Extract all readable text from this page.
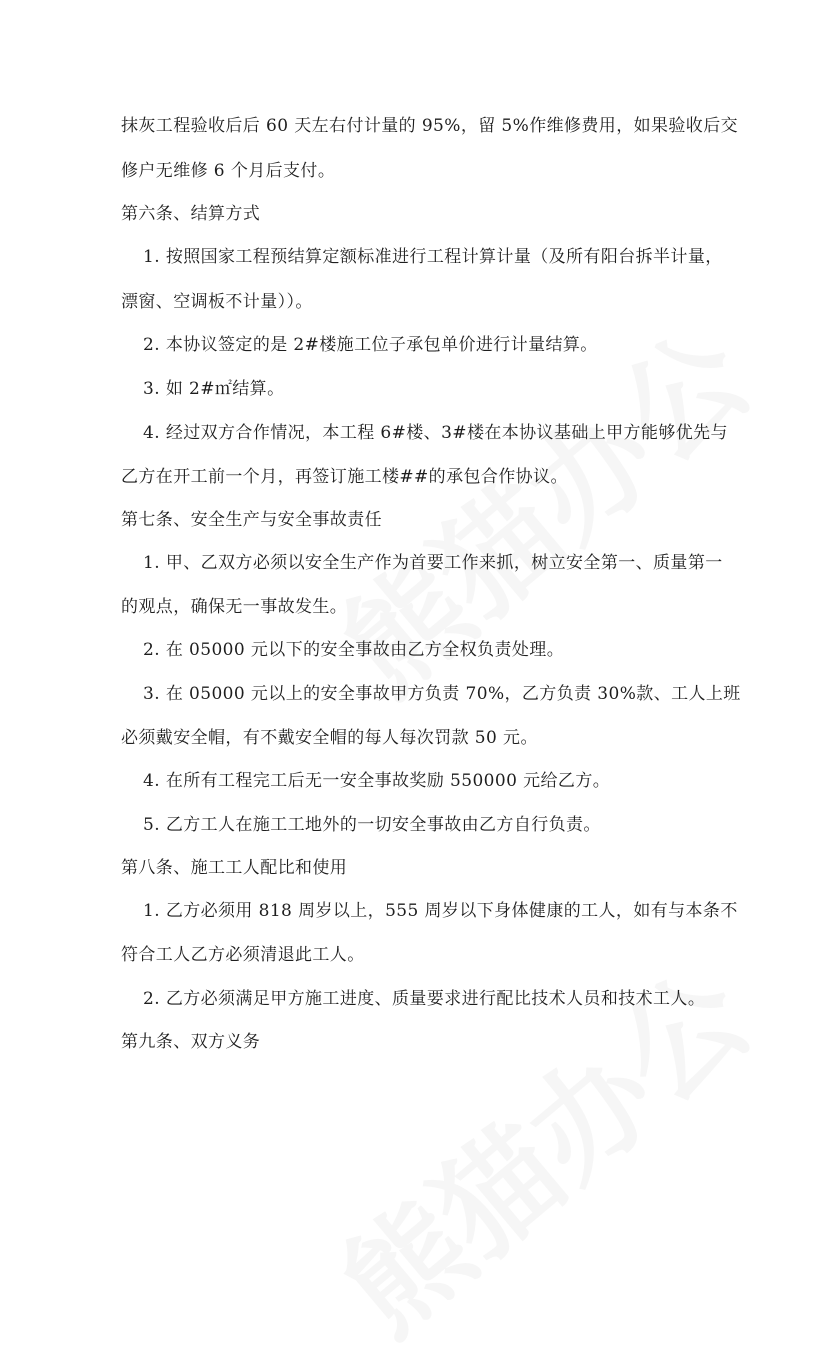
抹灰工程验收后后 60 天左右付计量的 95%，留 5%作维修费用，如果验收后交
修户无维修 6 个月后支付。
第六条、结算方式
1. 按照国家工程预结算定额标准进行工程计算计量（及所有阳台拆半计量，
漂窗、空调板不计量））。
2. 本协议签定的是 2#楼施工位子承包单价进行计量结算。
3. 如 2#㎡结算。
4. 经过双方合作情况，本工程 6#楼、3#楼在本协议基础上甲方能够优先与
乙方在开工前一个月，再签订施工楼##的承包合作协议。
第七条、安全生产与安全事故责任
1. 甲、乙双方必须以安全生产作为首要工作来抓，树立安全第一、质量第一
的观点，确保无一事故发生。
2. 在 05000 元以下的安全事故由乙方全权负责处理。
3. 在 05000 元以上的安全事故甲方负责 70%，乙方负责 30%款、工人上班
必须戴安全帽，有不戴安全帽的每人每次罚款 50 元。
4. 在所有工程完工后无一安全事故奖励 550000 元给乙方。
5. 乙方工人在施工工地外的一切安全事故由乙方自行负责。
第八条、施工工人配比和使用
1. 乙方必须用 818 周岁以上，555 周岁以下身体健康的工人，如有与本条不
符合工人乙方必须清退此工人。
2. 乙方必须满足甲方施工进度、质量要求进行配比技术人员和技术工人。
第九条、双方义务
